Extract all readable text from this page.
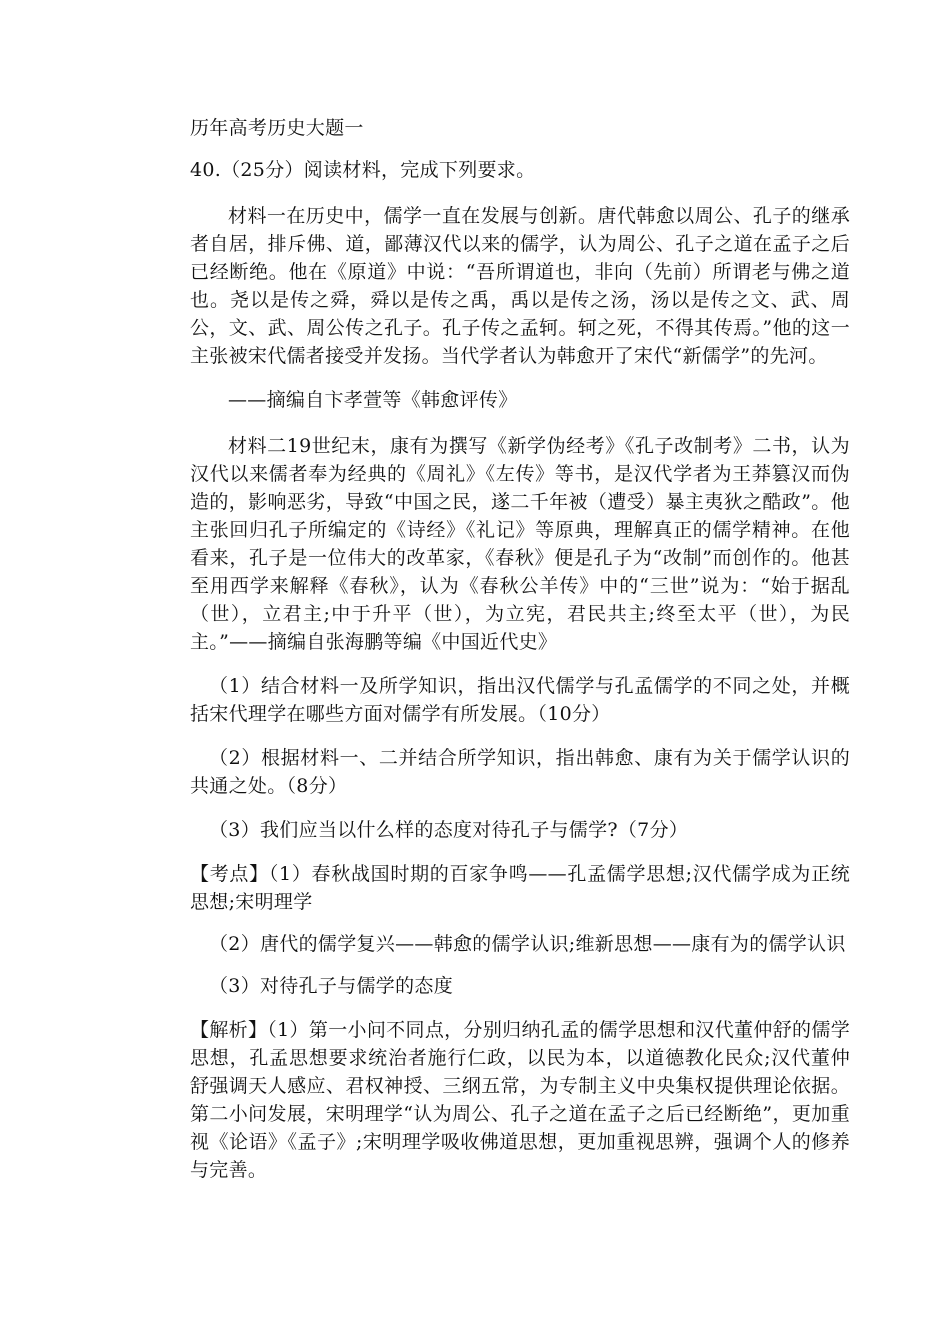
历年高考历史大题一

40.（25分）阅读材料，完成下列要求。

材料一在历史中，儒学一直在发展与创新。唐代韩愈以周公、孔子的继承者自居，排斥佛、道，鄙薄汉代以来的儒学，认为周公、孔子之道在孟子之后已经断绝。他在《原道》中说：“吾所谓道也，非向（先前）所谓老与佛之道也。尧以是传之舜，舜以是传之禹，禹以是传之汤，汤以是传之文、武、周公，文、武、周公传之孔子。孔子传之孟轲。轲之死，不得其传焉。”他的这一主张被宋代儒者接受并发扬。当代学者认为韩愈开了宋代“新儒学”的先河。

——摘编自卞孝萱等《韩愈评传》

材料二19世纪末，康有为撰写《新学伪经考》《孔子改制考》二书，认为汉代以来儒者奉为经典的《周礼》《左传》等书，是汉代学者为王莽篡汉而伪造的，影响恶劣，导致“中国之民，遂二千年被（遭受）暴主夷狄之酷政”。他主张回归孔子所编定的《诗经》《礼记》等原典，理解真正的儒学精神。在他看来，孔子是一位伟大的改革家，《春秋》便是孔子为“改制”而创作的。他甚至用西学来解释《春秋》，认为《春秋公羊传》中的“三世”说为：“始于据乱（世），立君主;中于升平（世），为立宪，君民共主;终至太平（世），为民主。”——摘编自张海鹏等编《中国近代史》

（1）结合材料一及所学知识，指出汉代儒学与孔孟儒学的不同之处，并概括宋代理学在哪些方面对儒学有所发展。（10分）

（2）根据材料一、二并结合所学知识，指出韩愈、康有为关于儒学认识的共通之处。（8分）

（3）我们应当以什么样的态度对待孔子与儒学?（7分）

【考点】（1）春秋战国时期的百家争鸣——孔孟儒学思想;汉代儒学成为正统思想;宋明理学

（2）唐代的儒学复兴——韩愈的儒学认识;维新思想——康有为的儒学认识

（3）对待孔子与儒学的态度

【解析】（1）第一小问不同点，分别归纳孔孟的儒学思想和汉代董仲舒的儒学思想，孔孟思想要求统治者施行仁政，以民为本，以道德教化民众;汉代董仲舒强调天人感应、君权神授、三纲五常，为专制主义中央集权提供理论依据。第二小问发展，宋明理学“认为周公、孔子之道在孟子之后已经断绝”，更加重视《论语》《孟子》;宋明理学吸收佛道思想，更加重视思辨，强调个人的修养与完善。
